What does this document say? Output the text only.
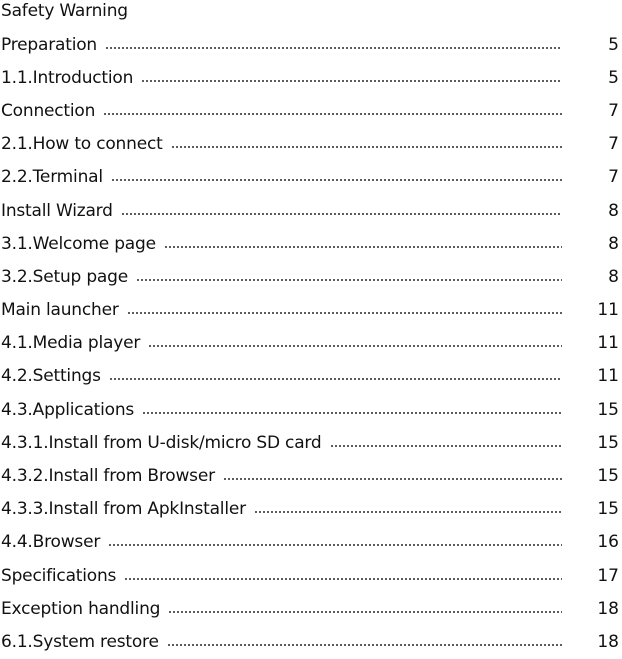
Safety Warning
Preparation	5
1.1.Introduction	5
Connection	7
2.1.How to connect	7
2.2.Terminal	7
Install Wizard	8
3.1.Welcome page	8
3.2.Setup page	8
Main launcher	11
4.1.Media player	11
4.2.Settings	11
4.3.Applications	15
4.3.1.Install from U-disk/micro SD card	15
4.3.2.Install from Browser	15
4.3.3.Install from ApkInstaller	15
4.4.Browser	16
Specifications	17
Exception handling	18
6.1.System restore	18
